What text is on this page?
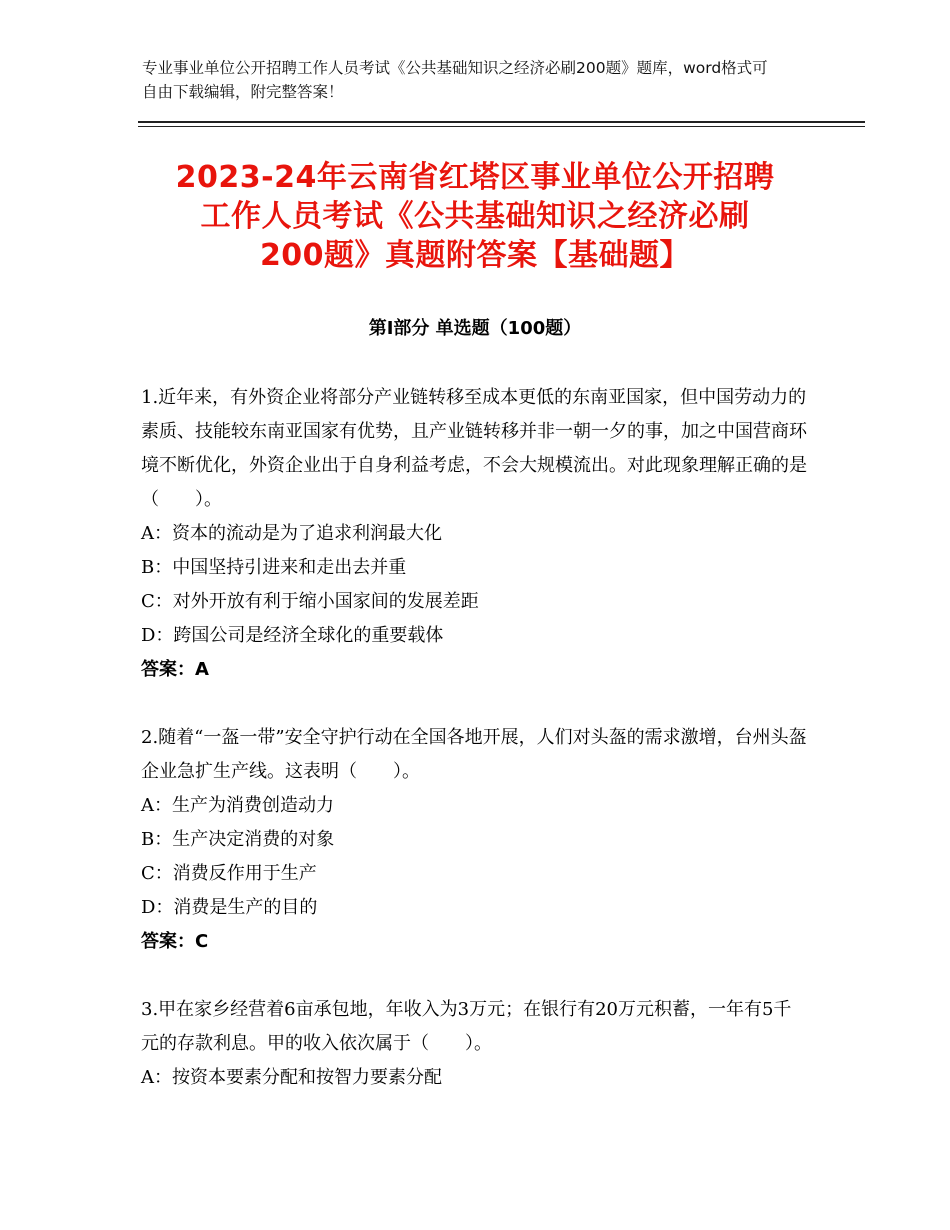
专业事业单位公开招聘工作人员考试《公共基础知识之经济必刷200题》题库，word格式可自由下载编辑，附完整答案！
2023-24年云南省红塔区事业单位公开招聘
工作人员考试《公共基础知识之经济必刷
200题》真题附答案【基础题】
第Ⅰ部分 单选题（100题）

1.近年来，有外资企业将部分产业链转移至成本更低的东南亚国家，但中国劳动力的素质、技能较东南亚国家有优势，且产业链转移并非一朝一夕的事，加之中国营商环境不断优化，外资企业出于自身利益考虑，不会大规模流出。对此现象理解正确的是（　　）。

A：资本的流动是为了追求利润最大化

B：中国坚持引进来和走出去并重

C：对外开放有利于缩小国家间的发展差距

D：跨国公司是经济全球化的重要载体

答案：A

2.随着“一盔一带”安全守护行动在全国各地开展，人们对头盔的需求激增，台州头盔企业急扩生产线。这表明（　　）。

A：生产为消费创造动力

B：生产决定消费的对象

C：消费反作用于生产

D：消费是生产的目的

答案：C

3.甲在家乡经营着6亩承包地，年收入为3万元；在银行有20万元积蓄，一年有5千元的存款利息。甲的收入依次属于（　　）。

A：按资本要素分配和按智力要素分配
